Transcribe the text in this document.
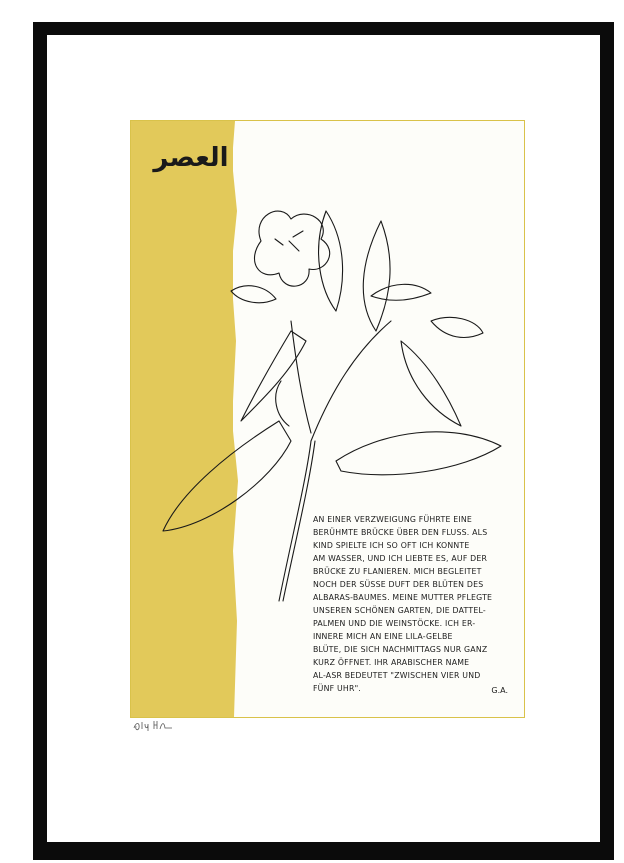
العصر
AN EINER VERZWEIGUNG FÜHRTE EINE
BERÜHMTE BRÜCKE ÜBER DEN FLUSS. ALS
KIND SPIELTE ICH SO OFT ICH KONNTE
AM WASSER, UND ICH LIEBTE ES, AUF DER
BRÜCKE ZU FLANIEREN. MICH BEGLEITET
NOCH DER SÜSSE DUFT DER BLÜTEN DES
ALBARAS-BAUMES. MEINE MUTTER PFLEGTE
UNSEREN SCHÖNEN GARTEN, DIE DATTEL-
PALMEN UND DIE WEINSTÖCKE. ICH ER-
INNERE MICH AN EINE LILA-GELBE
BLÜTE, DIE SICH NACHMITTAGS NUR GANZ
KURZ ÖFFNET. IHR ARABISCHER NAME
AL-ASR BEDEUTET "ZWISCHEN VIER UND
FÜNF UHR".	G.A.
